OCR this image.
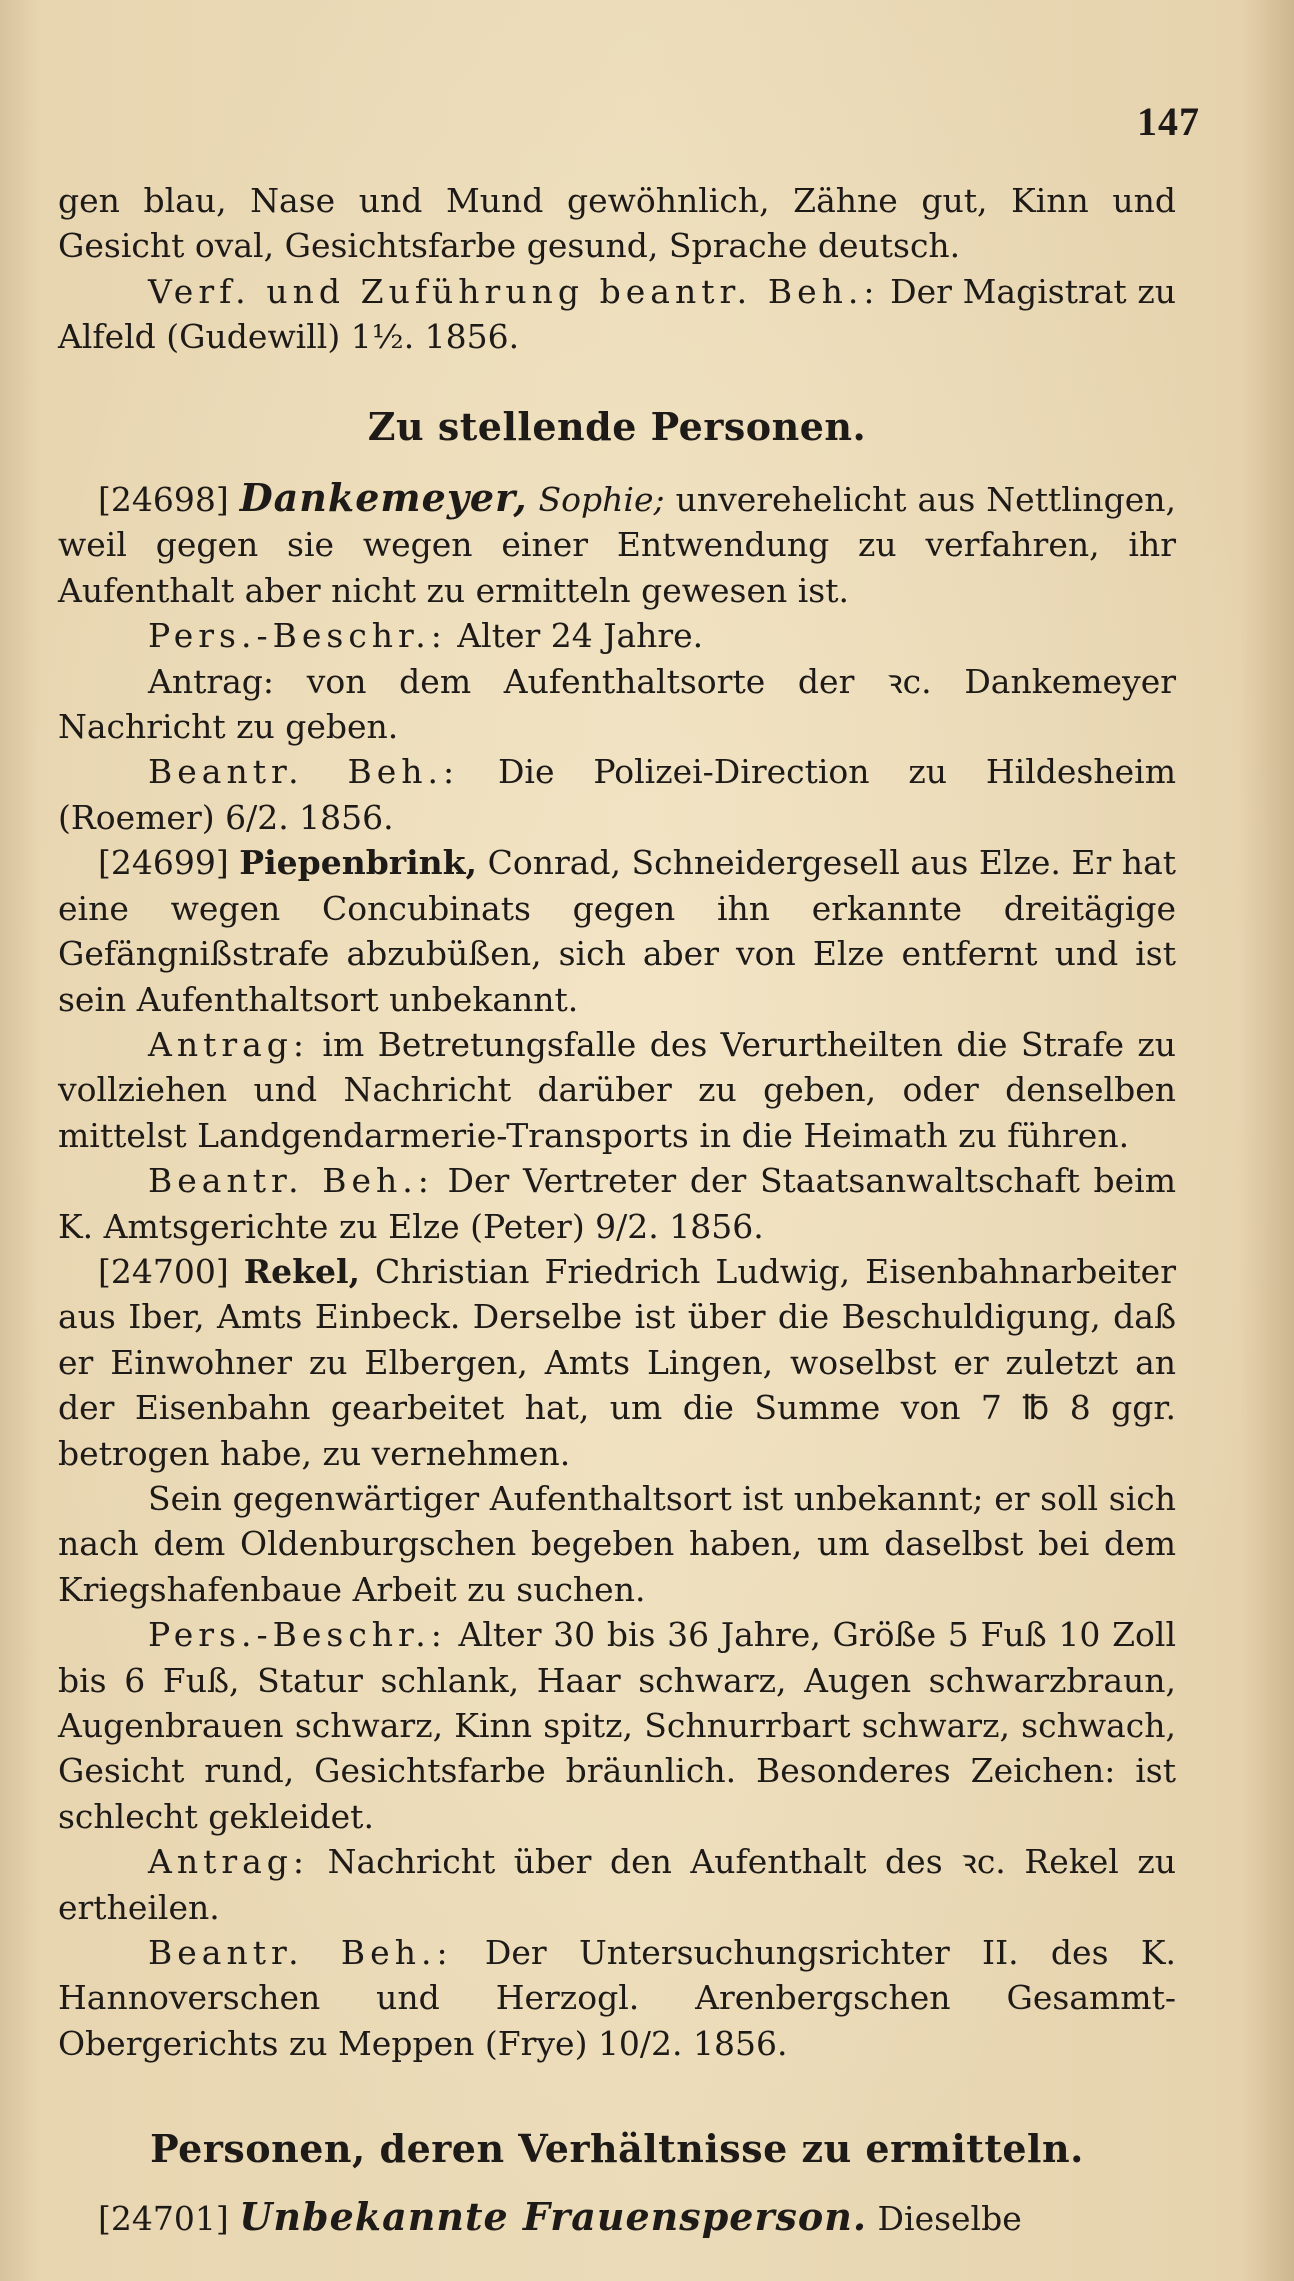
147

gen blau, Nase und Mund gewöhnlich, Zähne gut, Kinn und Gesicht oval, Gesichtsfarbe gesund, Sprache deutsch.

Verf. und Zuführung beantr. Beh.: Der Magistrat zu Alfeld (Gudewill) 1½. 1856.

Zu stellende Personen.

[24698] Dankemeyer, Sophie; unverehelicht aus Nettlingen, weil gegen sie wegen einer Entwendung zu verfahren, ihr Aufenthalt aber nicht zu ermitteln gewesen ist.

Pers.-Beschr.: Alter 24 Jahre.

Antrag: von dem Aufenthaltsorte der ꝛc. Dankemeyer Nachricht zu geben.

Beantr. Beh.: Die Polizei-Direction zu Hildesheim (Roemer) 6/2. 1856.

[24699] Piepenbrink, Conrad, Schneidergesell aus Elze. Er hat eine wegen Concubinats gegen ihn erkannte dreitägige Gefängnißstrafe abzubüßen, sich aber von Elze entfernt und ist sein Aufenthaltsort unbekannt.

Antrag: im Betretungsfalle des Verurtheilten die Strafe zu vollziehen und Nachricht darüber zu geben, oder denselben mittelst Landgendarmerie-Transports in die Heimath zu führen.

Beantr. Beh.: Der Vertreter der Staatsanwaltschaft beim K. Amtsgerichte zu Elze (Peter) 9/2. 1856.

[24700] Rekel, Christian Friedrich Ludwig, Eisenbahnarbeiter aus Iber, Amts Einbeck. Derselbe ist über die Beschuldigung, daß er Einwohner zu Elbergen, Amts Lingen, woselbst er zuletzt an der Eisenbahn gearbeitet hat, um die Summe von 7 ℔ 8 ggr. betrogen habe, zu vernehmen.

Sein gegenwärtiger Aufenthaltsort ist unbekannt; er soll sich nach dem Oldenburgschen begeben haben, um daselbst bei dem Kriegshafenbaue Arbeit zu suchen.

Pers.-Beschr.: Alter 30 bis 36 Jahre, Größe 5 Fuß 10 Zoll bis 6 Fuß, Statur schlank, Haar schwarz, Augen schwarzbraun, Augenbrauen schwarz, Kinn spitz, Schnurrbart schwarz, schwach, Gesicht rund, Gesichtsfarbe bräunlich. Besonderes Zeichen: ist schlecht gekleidet.

Antrag: Nachricht über den Aufenthalt des ꝛc. Rekel zu ertheilen.

Beantr. Beh.: Der Untersuchungsrichter II. des K. Hannoverschen und Herzogl. Arenbergschen Gesammt-Obergerichts zu Meppen (Frye) 10/2. 1856.

Personen, deren Verhältnisse zu ermitteln.

[24701] Unbekannte Frauensperson. Dieselbe
